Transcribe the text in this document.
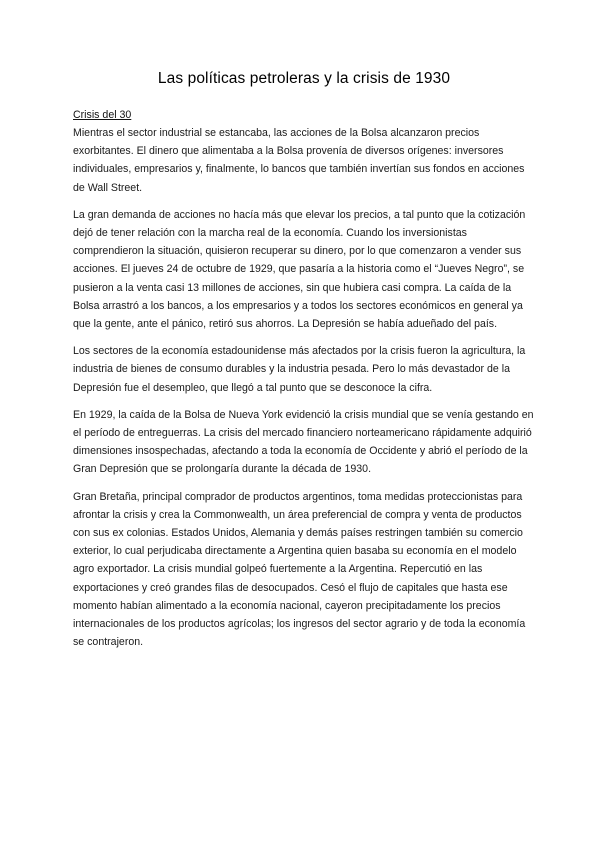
Las políticas petroleras y la crisis de 1930

Crisis del 30

Mientras el sector industrial se estancaba, las acciones de la Bolsa alcanzaron precios exorbitantes. El dinero que alimentaba a la Bolsa provenía de diversos orígenes: inversores individuales, empresarios y, finalmente, lo bancos que también invertían sus fondos en acciones de Wall Street.

La gran demanda de acciones no hacía más que elevar los precios, a tal punto que la cotización dejó de tener relación con la marcha real de la economía. Cuando los inversionistas comprendieron la situación, quisieron recuperar su dinero, por lo que comenzaron a vender sus acciones. El jueves 24 de octubre de 1929, que pasaría a la historia como el “Jueves Negro”, se pusieron a la venta casi 13 millones de acciones, sin que hubiera casi compra. La caída de la Bolsa arrastró a los bancos, a los empresarios y a todos los sectores económicos en general ya que la gente, ante el pánico, retiró sus ahorros. La Depresión se había adueñado del país.

Los sectores de la economía estadounidense más afectados por la crisis fueron la agricultura, la industria de bienes de consumo durables y la industria pesada. Pero lo más devastador de la Depresión fue el desempleo, que llegó a tal punto que se desconoce la cifra.

En 1929, la caída de la Bolsa de Nueva York evidenció la crisis mundial que se venía gestando en el período de entreguerras. La crisis del mercado financiero norteamericano rápidamente adquirió dimensiones insospechadas, afectando a toda la economía de Occidente y abrió el período de la Gran Depresión que se prolongaría durante la década de 1930.

Gran Bretaña, principal comprador de productos argentinos, toma medidas proteccionistas para afrontar la crisis y crea la Commonwealth, un área preferencial de compra y venta de productos con sus ex colonias. Estados Unidos, Alemania y demás países restringen también su comercio exterior, lo cual perjudicaba directamente a Argentina quien basaba su economía en el modelo agro exportador. La crisis mundial golpeó fuertemente a la Argentina. Repercutió en las exportaciones y creó grandes filas de desocupados. Cesó el flujo de capitales que hasta ese momento habían alimentado a la economía nacional, cayeron precipitadamente los precios internacionales de los productos agrícolas; los ingresos del sector agrario y de toda la economía se contrajeron.
